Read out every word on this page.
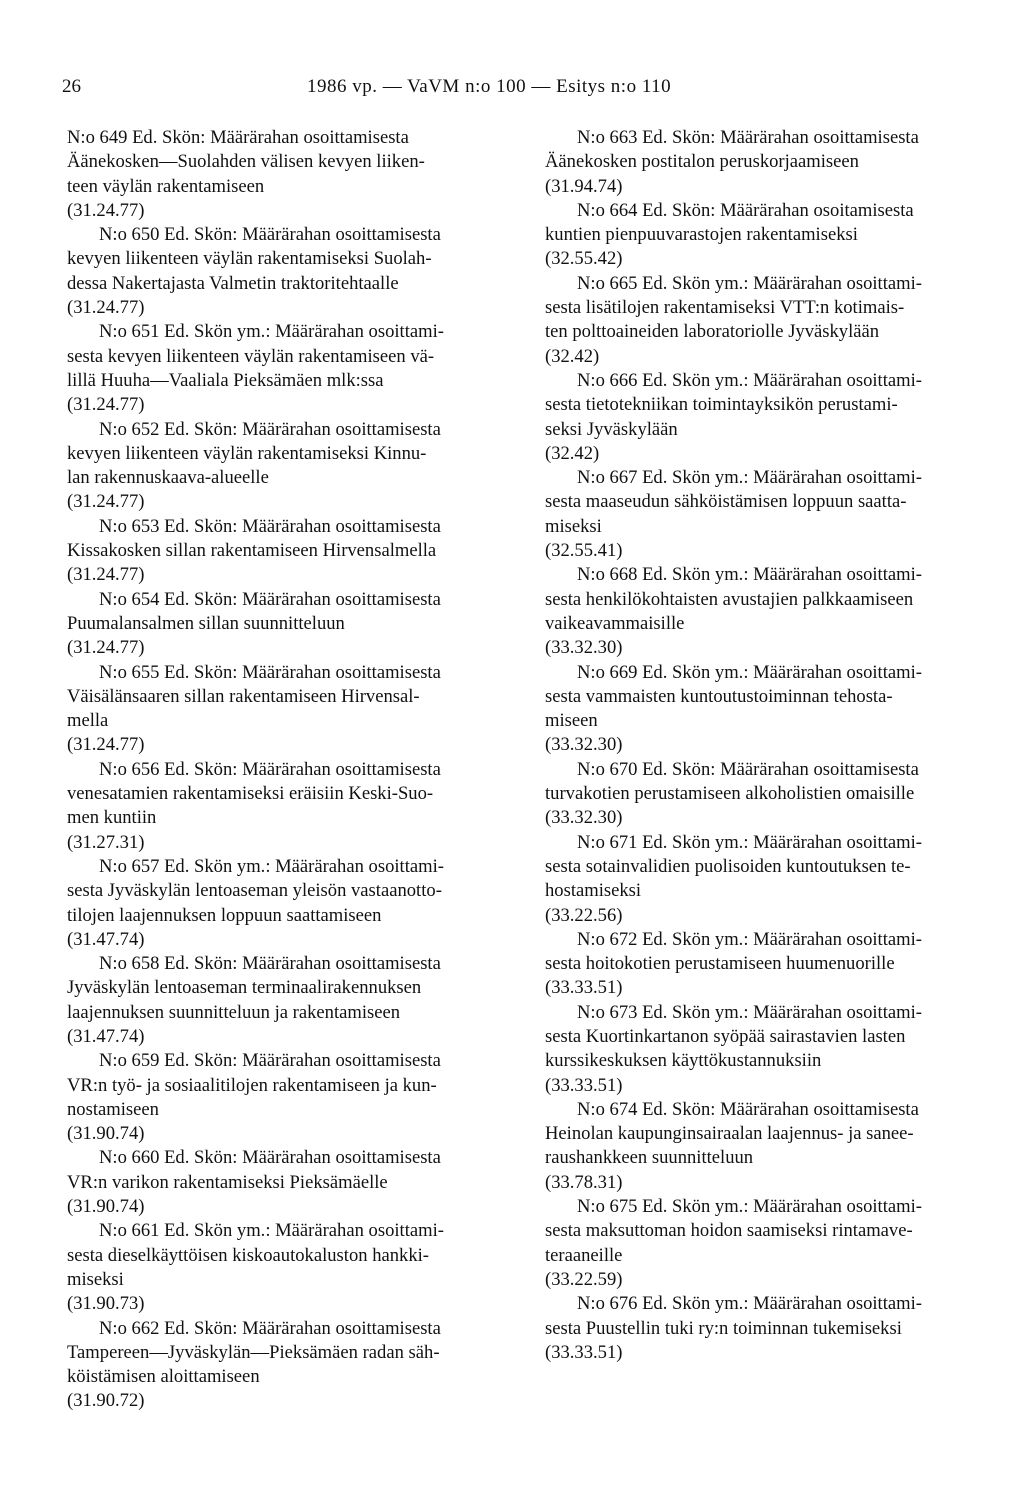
26	1986 vp. — VaVM n:o 100 — Esitys n:o 110

N:o 649 Ed. Skön: Määrärahan osoittamisesta

Äänekosken—Suolahden välisen kevyen liiken-

teen väylän rakentamiseen

(31.24.77)

N:o 650 Ed. Skön: Määrärahan osoittamisesta

kevyen liikenteen väylän rakentamiseksi Suolah-

dessa Nakertajasta Valmetin traktoritehtaalle

(31.24.77)

N:o 651 Ed. Skön ym.: Määrärahan osoittami-

sesta kevyen liikenteen väylän rakentamiseen vä-

lillä Huuha—Vaaliala Pieksämäen mlk:ssa

(31.24.77)

N:o 652 Ed. Skön: Määrärahan osoittamisesta

kevyen liikenteen väylän rakentamiseksi Kinnu-

lan rakennuskaava-alueelle

(31.24.77)

N:o 653 Ed. Skön: Määrärahan osoittamisesta

Kissakosken sillan rakentamiseen Hirvensalmella

(31.24.77)

N:o 654 Ed. Skön: Määrärahan osoittamisesta

Puumalansalmen sillan suunnitteluun

(31.24.77)

N:o 655 Ed. Skön: Määrärahan osoittamisesta

Väisälänsaaren sillan rakentamiseen Hirvensal-

mella

(31.24.77)

N:o 656 Ed. Skön: Määrärahan osoittamisesta

venesatamien rakentamiseksi eräisiin Keski-Suo-

men kuntiin

(31.27.31)

N:o 657 Ed. Skön ym.: Määrärahan osoittami-

sesta Jyväskylän lentoaseman yleisön vastaanotto-

tilojen laajennuksen loppuun saattamiseen

(31.47.74)

N:o 658 Ed. Skön: Määrärahan osoittamisesta

Jyväskylän lentoaseman terminaalirakennuksen

laajennuksen suunnitteluun ja rakentamiseen

(31.47.74)

N:o 659 Ed. Skön: Määrärahan osoittamisesta

VR:n työ- ja sosiaalitilojen rakentamiseen ja kun-

nostamiseen

(31.90.74)

N:o 660 Ed. Skön: Määrärahan osoittamisesta

VR:n varikon rakentamiseksi Pieksämäelle

(31.90.74)

N:o 661 Ed. Skön ym.: Määrärahan osoittami-

sesta dieselkäyttöisen kiskoautokaluston hankki-

miseksi

(31.90.73)

N:o 662 Ed. Skön: Määrärahan osoittamisesta

Tampereen—Jyväskylän—Pieksämäen radan säh-

köistämisen aloittamiseen

(31.90.72)

N:o 663 Ed. Skön: Määrärahan osoittamisesta

Äänekosken postitalon peruskorjaamiseen

(31.94.74)

N:o 664 Ed. Skön: Määrärahan osoitamisesta

kuntien pienpuuvarastojen rakentamiseksi

(32.55.42)

N:o 665 Ed. Skön ym.: Määrärahan osoittami-

sesta lisätilojen rakentamiseksi VTT:n kotimais-

ten polttoaineiden laboratoriolle Jyväskylään

(32.42)

N:o 666 Ed. Skön ym.: Määrärahan osoittami-

sesta tietotekniikan toimintayksikön perustami-

seksi Jyväskylään

(32.42)

N:o 667 Ed. Skön ym.: Määrärahan osoittami-

sesta maaseudun sähköistämisen loppuun saatta-

miseksi

(32.55.41)

N:o 668 Ed. Skön ym.: Määrärahan osoittami-

sesta henkilökohtaisten avustajien palkkaamiseen

vaikeavammaisille

(33.32.30)

N:o 669 Ed. Skön ym.: Määrärahan osoittami-

sesta vammaisten kuntoutustoiminnan tehosta-

miseen

(33.32.30)

N:o 670 Ed. Skön: Määrärahan osoittamisesta

turvakotien perustamiseen alkoholistien omaisille

(33.32.30)

N:o 671 Ed. Skön ym.: Määrärahan osoittami-

sesta sotainvalidien puolisoiden kuntoutuksen te-

hostamiseksi

(33.22.56)

N:o 672 Ed. Skön ym.: Määrärahan osoittami-

sesta hoitokotien perustamiseen huumenuorille

(33.33.51)

N:o 673 Ed. Skön ym.: Määrärahan osoittami-

sesta Kuortinkartanon syöpää sairastavien lasten

kurssikeskuksen käyttökustannuksiin

(33.33.51)

N:o 674 Ed. Skön: Määrärahan osoittamisesta

Heinolan kaupunginsairaalan laajennus- ja sanee-

raushankkeen suunnitteluun

(33.78.31)

N:o 675 Ed. Skön ym.: Määrärahan osoittami-

sesta maksuttoman hoidon saamiseksi rintamave-

teraaneille

(33.22.59)

N:o 676 Ed. Skön ym.: Määrärahan osoittami-

sesta Puustellin tuki ry:n toiminnan tukemiseksi

(33.33.51)
